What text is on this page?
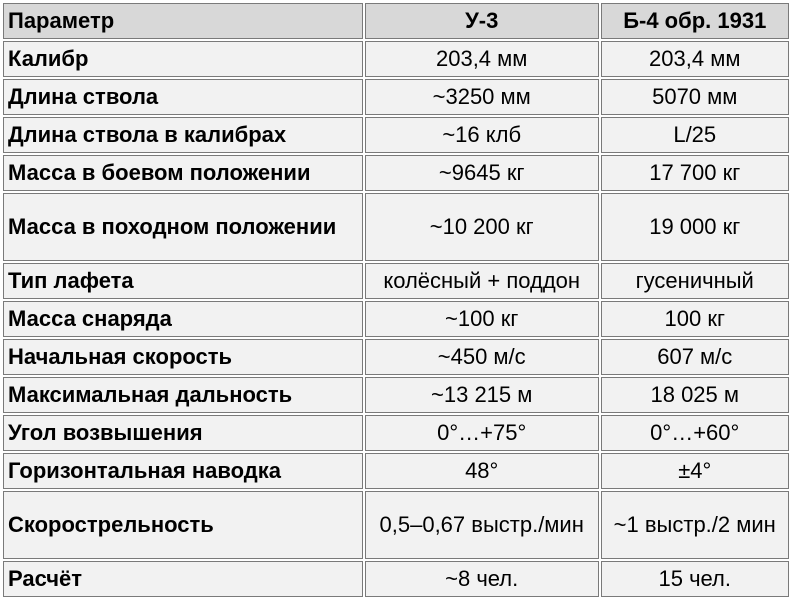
Параметр	У-3	Б-4 обр. 1931
Калибр	203,4 мм	203,4 мм
Длина ствола	~3250 мм	5070 мм
Длина ствола в калибрах	~16 клб	L/25
Масса в боевом положении	~9645 кг	17 700 кг
Масса в походном положении	~10 200 кг	19 000 кг
Тип лафета	колёсный + поддон	гусеничный
Масса снаряда	~100 кг	100 кг
Начальная скорость	~450 м/с	607 м/с
Максимальная дальность	~13 215 м	18 025 м
Угол возвышения	0°…+75°	0°…+60°
Горизонтальная наводка	48°	±4°
Скорострельность	0,5–0,67 выстр./мин	~1 выстр./2 мин
Расчёт	~8 чел.	15 чел.
